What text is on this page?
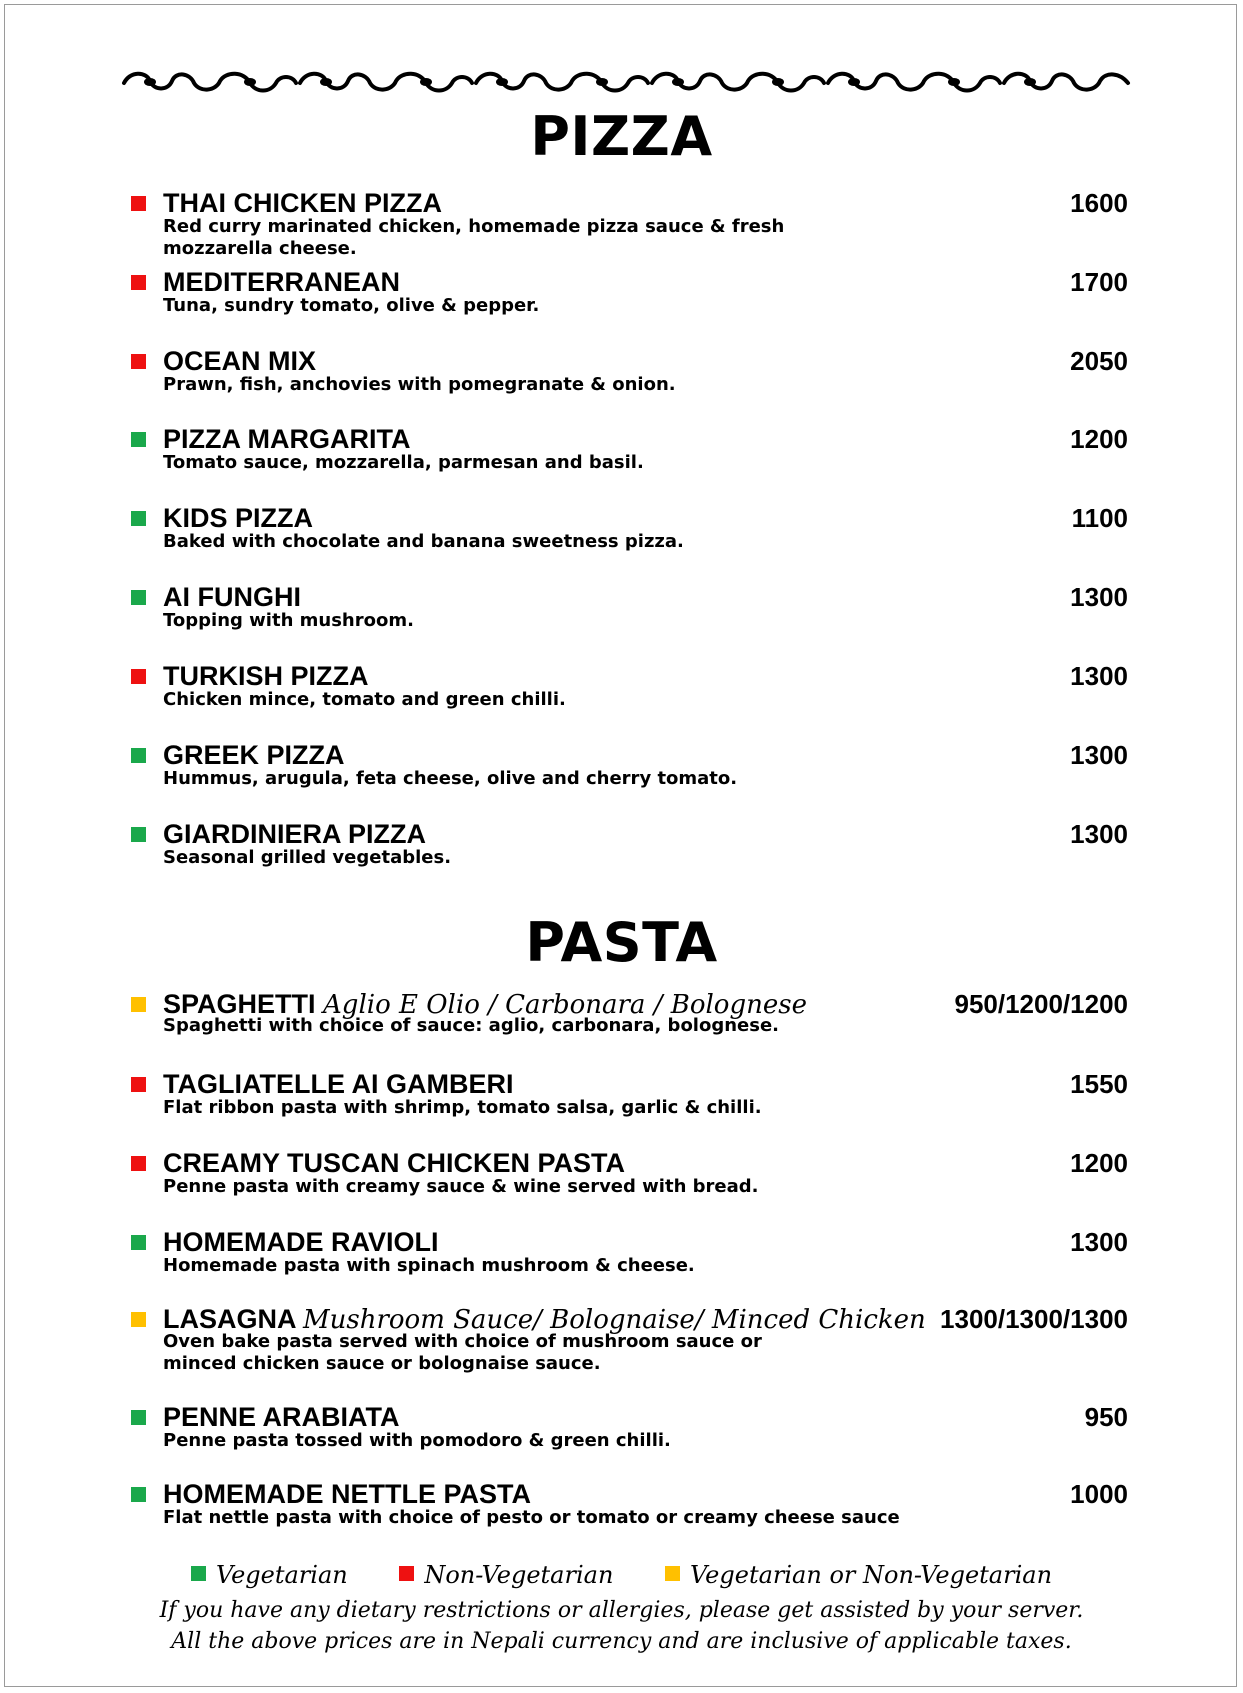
PIZZA
THAI CHICKEN PIZZA	1600
Red curry marinated chicken, homemade pizza sauce & fresh mozzarella cheese.
MEDITERRANEAN	1700
Tuna, sundry tomato, olive & pepper.
OCEAN MIX	2050
Prawn, fish, anchovies with pomegranate & onion.
PIZZA MARGARITA	1200
Tomato sauce, mozzarella, parmesan and basil.
KIDS PIZZA	1100
Baked with chocolate and banana sweetness pizza.
AI FUNGHI	1300
Topping with mushroom.
TURKISH PIZZA	1300
Chicken mince, tomato and green chilli.
GREEK PIZZA	1300
Hummus, arugula, feta cheese, olive and cherry tomato.
GIARDINIERA PIZZA	1300
Seasonal grilled vegetables.
PASTA
SPAGHETTI Aglio E Olio / Carbonara / Bolognese	950/1200/1200
Spaghetti with choice of sauce: aglio, carbonara, bolognese.
TAGLIATELLE AI GAMBERI	1550
Flat ribbon pasta with shrimp, tomato salsa, garlic & chilli.
CREAMY TUSCAN CHICKEN PASTA	1200
Penne pasta with creamy sauce & wine served with bread.
HOMEMADE RAVIOLI	1300
Homemade pasta with spinach mushroom & cheese.
LASAGNA Mushroom Sauce/ Bolognaise/ Minced Chicken 1300/1300/1300
Oven bake pasta served with choice of mushroom sauce or minced chicken sauce or bolognaise sauce.
PENNE ARABIATA	950
Penne pasta tossed with pomodoro & green chilli.
HOMEMADE NETTLE PASTA	1000
Flat nettle pasta with choice of pesto or tomato or creamy cheese sauce
Vegetarian	Non-Vegetarian	Vegetarian or Non-Vegetarian
If you have any dietary restrictions or allergies, please get assisted by your server.
All the above prices are in Nepali currency and are inclusive of applicable taxes.
